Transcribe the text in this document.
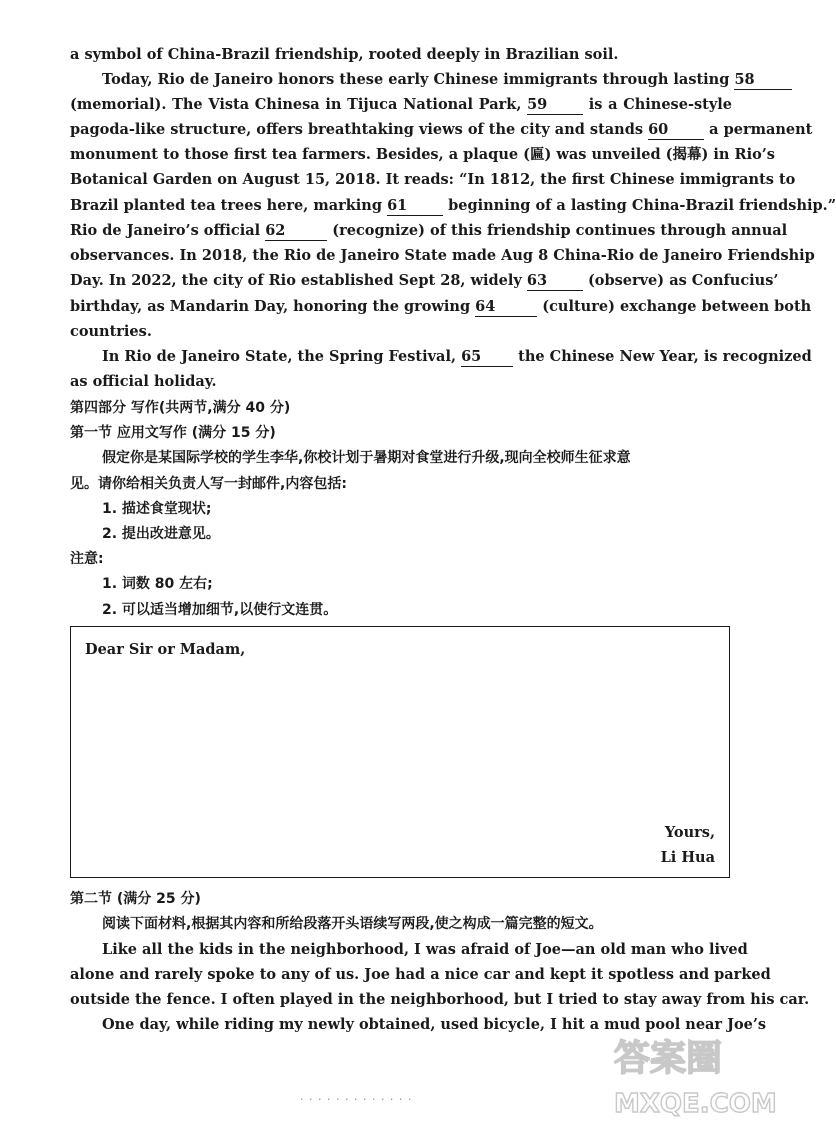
a symbol of China-Brazil friendship, rooted deeply in Brazilian soil.
Today, Rio de Janeiro honors these early Chinese immigrants through lasting 58
(memorial). The Vista Chinesa in Tijuca National Park, 59	is a Chinese-style
pagoda-like structure, offers breathtaking views of the city and stands 60	a permanent
monument to those first tea farmers. Besides, a plaque (匾) was unveiled (揭幕) in Rio’s
Botanical Garden on August 15, 2018. It reads: “In 1812, the first Chinese immigrants to
Brazil planted tea trees here, marking 61	beginning of a lasting China-Brazil friendship.”
Rio de Janeiro’s official 62	(recognize) of this friendship continues through annual
observances. In 2018, the Rio de Janeiro State made Aug 8 China-Rio de Janeiro Friendship
Day. In 2022, the city of Rio established Sept 28, widely 63	(observe) as Confucius’
birthday, as Mandarin Day, honoring the growing 64	(culture) exchange between both
countries.
In Rio de Janeiro State, the Spring Festival, 65	the Chinese New Year, is recognized
as official holiday.
第四部分 写作(共两节,满分 40 分)
第一节 应用文写作 (满分 15 分)
假定你是某国际学校的学生李华,你校计划于暑期对食堂进行升级,现向全校师生征求意
见。请你给相关负责人写一封邮件,内容包括:
1. 描述食堂现状;
2. 提出改进意见。
注意:
1. 词数 80 左右;
2. 可以适当增加细节,以使行文连贯。
Dear Sir or Madam,
Yours,
Li Hua
第二节 (满分 25 分)
阅读下面材料,根据其内容和所给段落开头语续写两段,使之构成一篇完整的短文。
Like all the kids in the neighborhood, I was afraid of Joe—an old man who lived
alone and rarely spoke to any of us. Joe had a nice car and kept it spotless and parked
outside the fence. I often played in the neighborhood, but I tried to stay away from his car.
One day, while riding my newly obtained, used bicycle, I hit a mud pool near Joe’s
· · · · · · · · · · · · ·
答案圈
MXQE.COM
